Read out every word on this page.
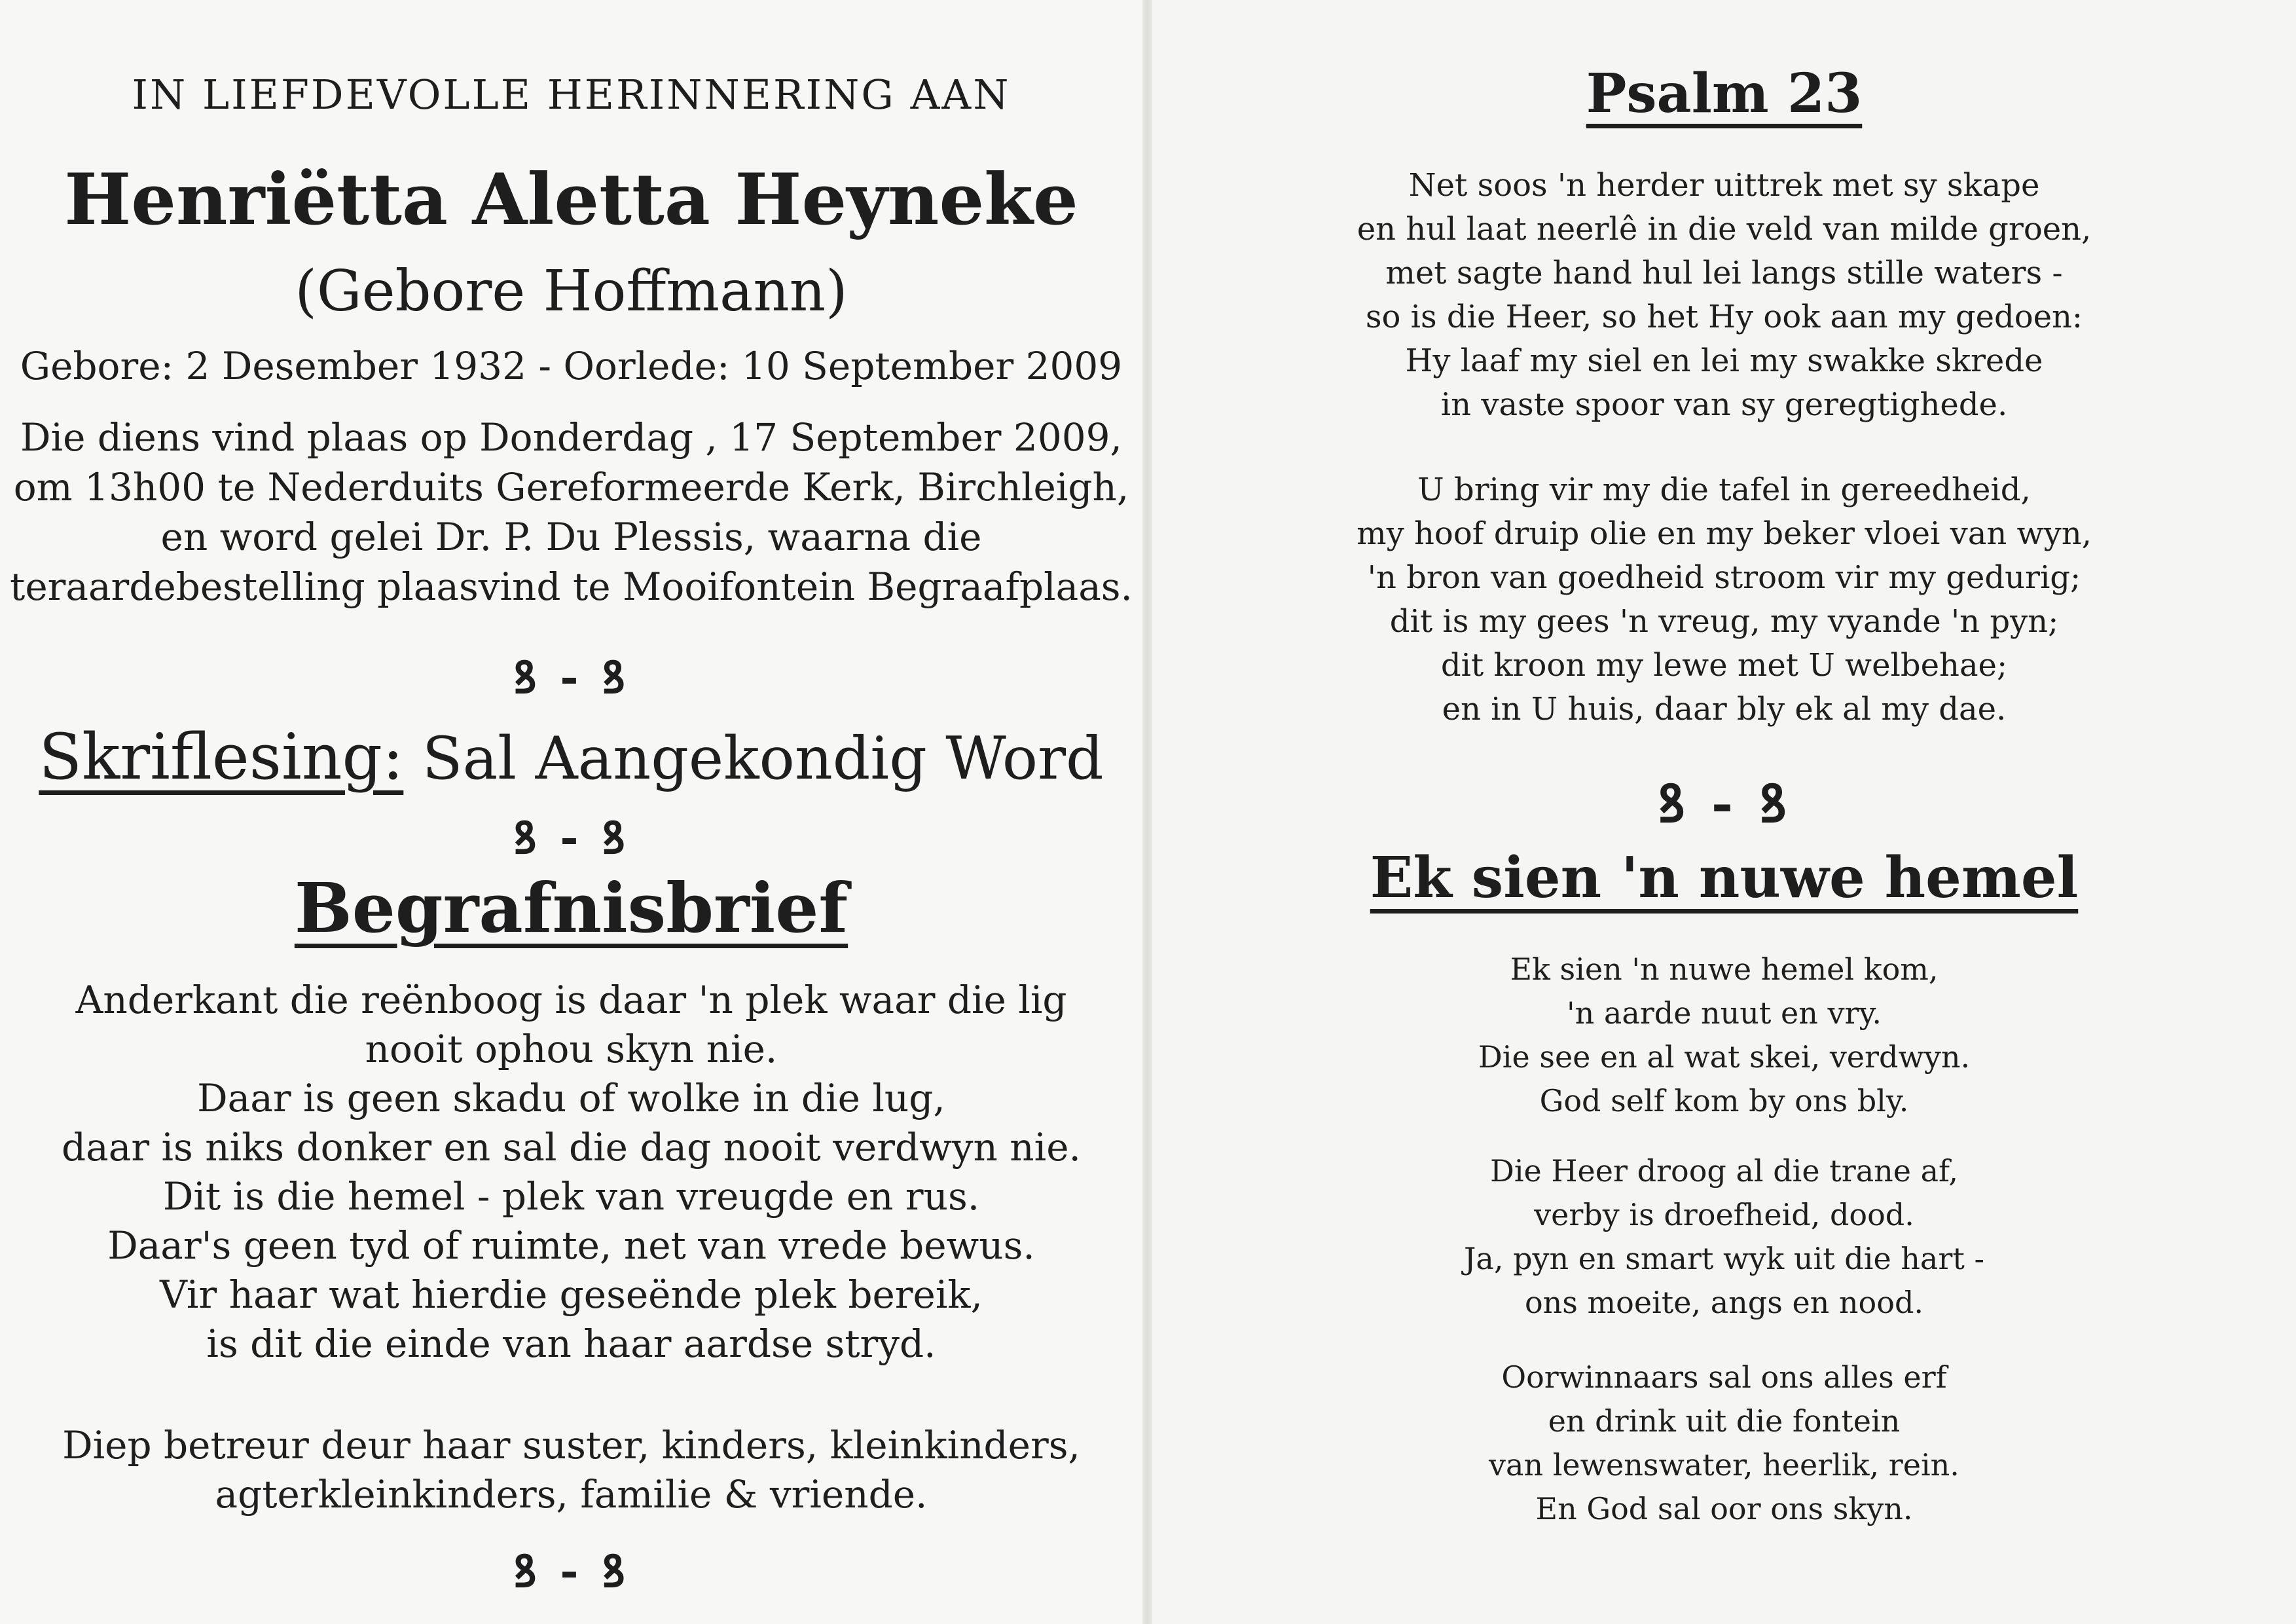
IN LIEFDEVOLLE HERINNERING AAN
Henriëtta Aletta Heyneke
(Gebore Hoffmann)
Gebore: 2 Desember 1932 - Oorlede: 10 September 2009
Die diens vind plaas op Donderdag , 17 September 2009,
om 13h00 te Nederduits Gereformeerde Kerk, Birchleigh,
en word gelei Dr. P. Du Plessis, waarna die
teraardebestelling plaasvind te Mooifontein Begraafplaas.
ꝸ - ꝸ
Skriflesing: Sal Aangekondig Word
ꝸ - ꝸ
Begrafnisbrief
Anderkant die reënboog is daar 'n plek waar die lig
nooit ophou skyn nie.
Daar is geen skadu of wolke in die lug,
daar is niks donker en sal die dag nooit verdwyn nie.
Dit is die hemel - plek van vreugde en rus.
Daar's geen tyd of ruimte, net van vrede bewus.
Vir haar wat hierdie geseënde plek bereik,
is dit die einde van haar aardse stryd.
Diep betreur deur haar suster, kinders, kleinkinders,
agterkleinkinders, familie & vriende.
ꝸ - ꝸ
Psalm 23
Net soos 'n herder uittrek met sy skape
en hul laat neerlê in die veld van milde groen,
met sagte hand hul lei langs stille waters -
so is die Heer, so het Hy ook aan my gedoen:
Hy laaf my siel en lei my swakke skrede
in vaste spoor van sy geregtighede.
U bring vir my die tafel in gereedheid,
my hoof druip olie en my beker vloei van wyn,
'n bron van goedheid stroom vir my gedurig;
dit is my gees 'n vreug, my vyande 'n pyn;
dit kroon my lewe met U welbehae;
en in U huis, daar bly ek al my dae.
ꝸ - ꝸ
Ek sien 'n nuwe hemel
Ek sien 'n nuwe hemel kom,
'n aarde nuut en vry.
Die see en al wat skei, verdwyn.
God self kom by ons bly.
Die Heer droog al die trane af,
verby is droefheid, dood.
Ja, pyn en smart wyk uit die hart -
ons moeite, angs en nood.
Oorwinnaars sal ons alles erf
en drink uit die fontein
van lewenswater, heerlik, rein.
En God sal oor ons skyn.
